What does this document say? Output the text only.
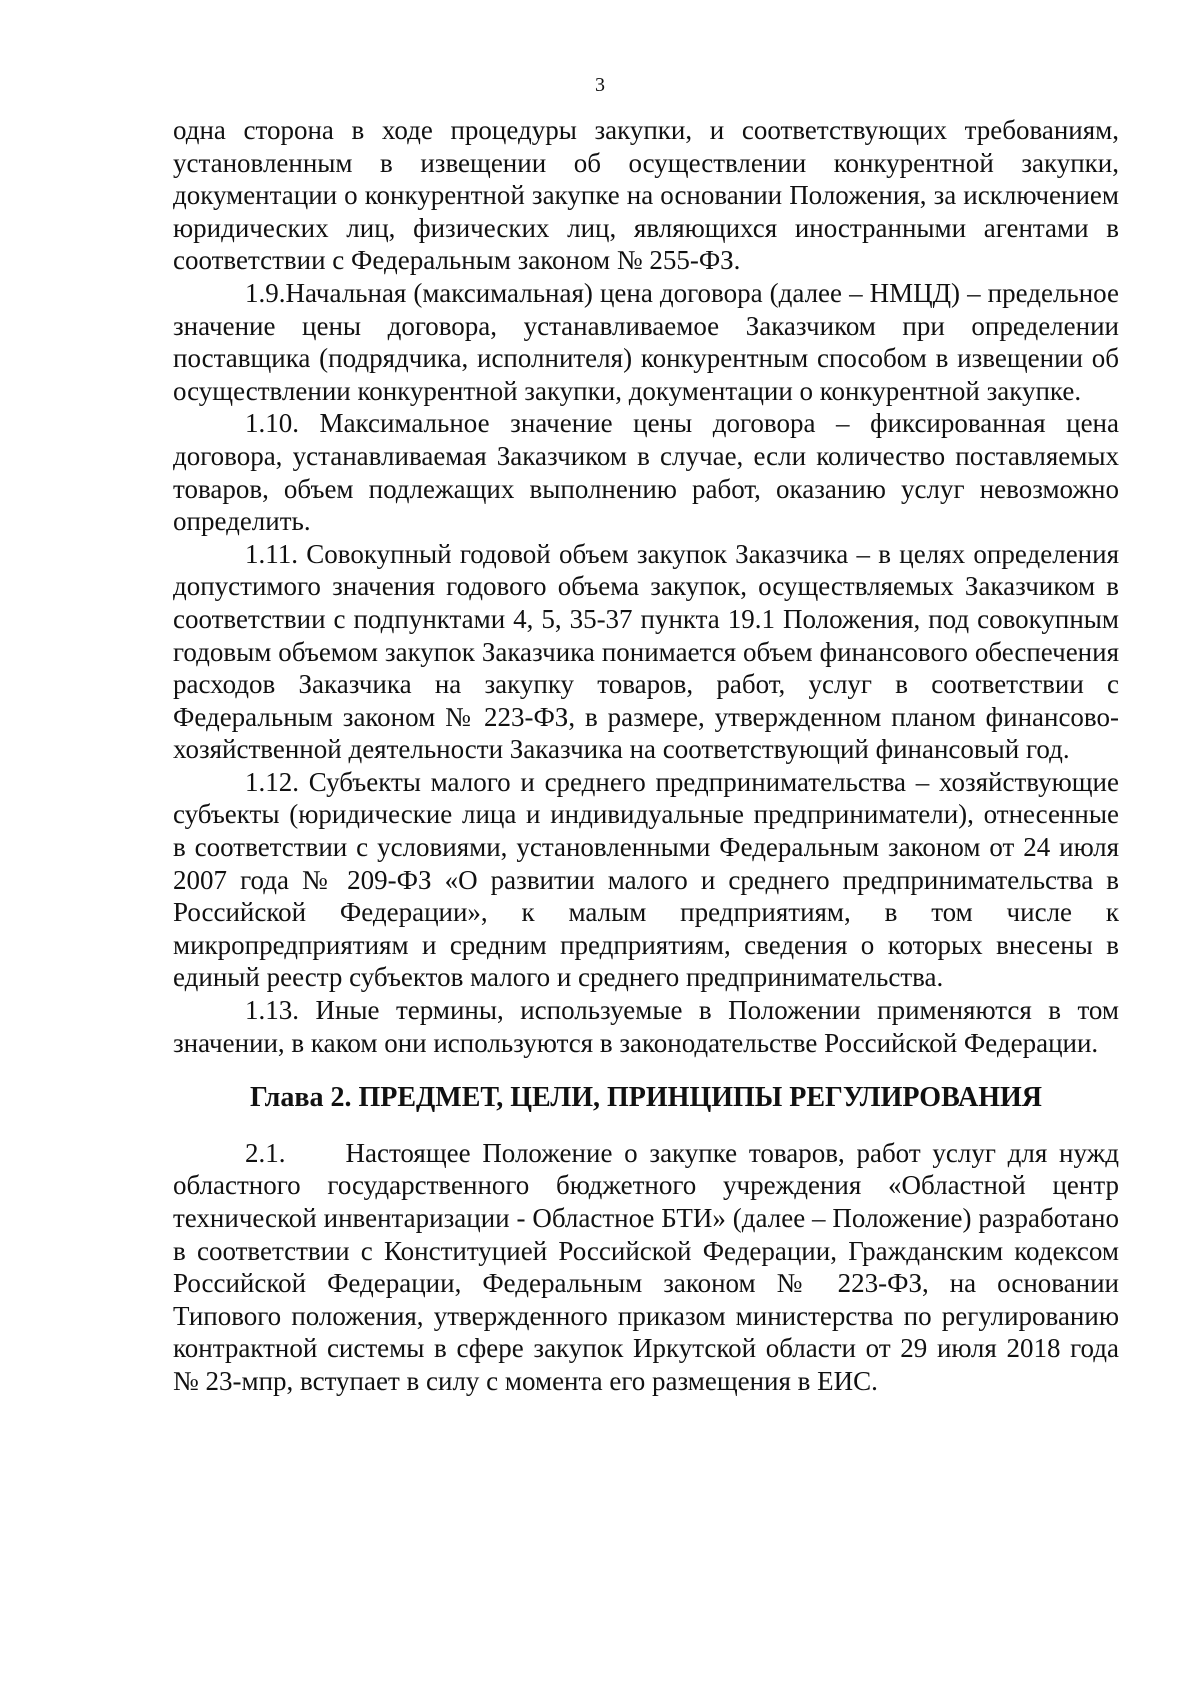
3

одна сторона в ходе процедуры закупки, и соответствующих требованиям, установленным в извещении об осуществлении конкурентной закупки, документации о конкурентной закупке на основании Положения, за исключением юридических лиц, физических лиц, являющихся иностранными агентами в соответствии с Федеральным законом № 255-ФЗ.

1.9.Начальная (максимальная) цена договора (далее – НМЦД) – предельное значение цены договора, устанавливаемое Заказчиком при определении поставщика (подрядчика, исполнителя) конкурентным способом в извещении об осуществлении конкурентной закупки, документации о конкурентной закупке.

1.10. Максимальное значение цены договора – фиксированная цена договора, устанавливаемая Заказчиком в случае, если количество поставляемых товаров, объем подлежащих выполнению работ, оказанию услуг невозможно определить.

1.11. Совокупный годовой объем закупок Заказчика – в целях определения допустимого значения годового объема закупок, осуществляемых Заказчиком в соответствии с подпунктами 4, 5, 35-37 пункта 19.1 Положения, под совокупным годовым объемом закупок Заказчика понимается объем финансового обеспечения расходов Заказчика на закупку товаров, работ, услуг в соответствии с Федеральным законом № 223-ФЗ, в размере, утвержденном планом финансово-хозяйственной деятельности Заказчика на соответствующий финансовый год.

1.12. Субъекты малого и среднего предпринимательства – хозяйствующие субъекты (юридические лица и индивидуальные предприниматели), отнесенные в соответствии с условиями, установленными Федеральным законом от 24 июля 2007 года № 209-ФЗ «О развитии малого и среднего предпринимательства в Российской Федерации», к малым предприятиям, в том числе к микропредприятиям и средним предприятиям, сведения о которых внесены в единый реестр субъектов малого и среднего предпринимательства.

1.13. Иные термины, используемые в Положении применяются в том значении, в каком они используются в законодательстве Российской Федерации.

Глава 2. ПРЕДМЕТ, ЦЕЛИ, ПРИНЦИПЫ РЕГУЛИРОВАНИЯ

2.1. Настоящее Положение о закупке товаров, работ услуг для нужд областного государственного бюджетного учреждения «Областной центр технической инвентаризации - Областное БТИ» (далее – Положение) разработано в соответствии с Конституцией Российской Федерации, Гражданским кодексом Российской Федерации, Федеральным законом № 223-ФЗ, на основании Типового положения, утвержденного приказом министерства по регулированию контрактной системы в сфере закупок Иркутской области от 29 июля 2018 года № 23-мпр, вступает в силу с момента его размещения в ЕИС.
